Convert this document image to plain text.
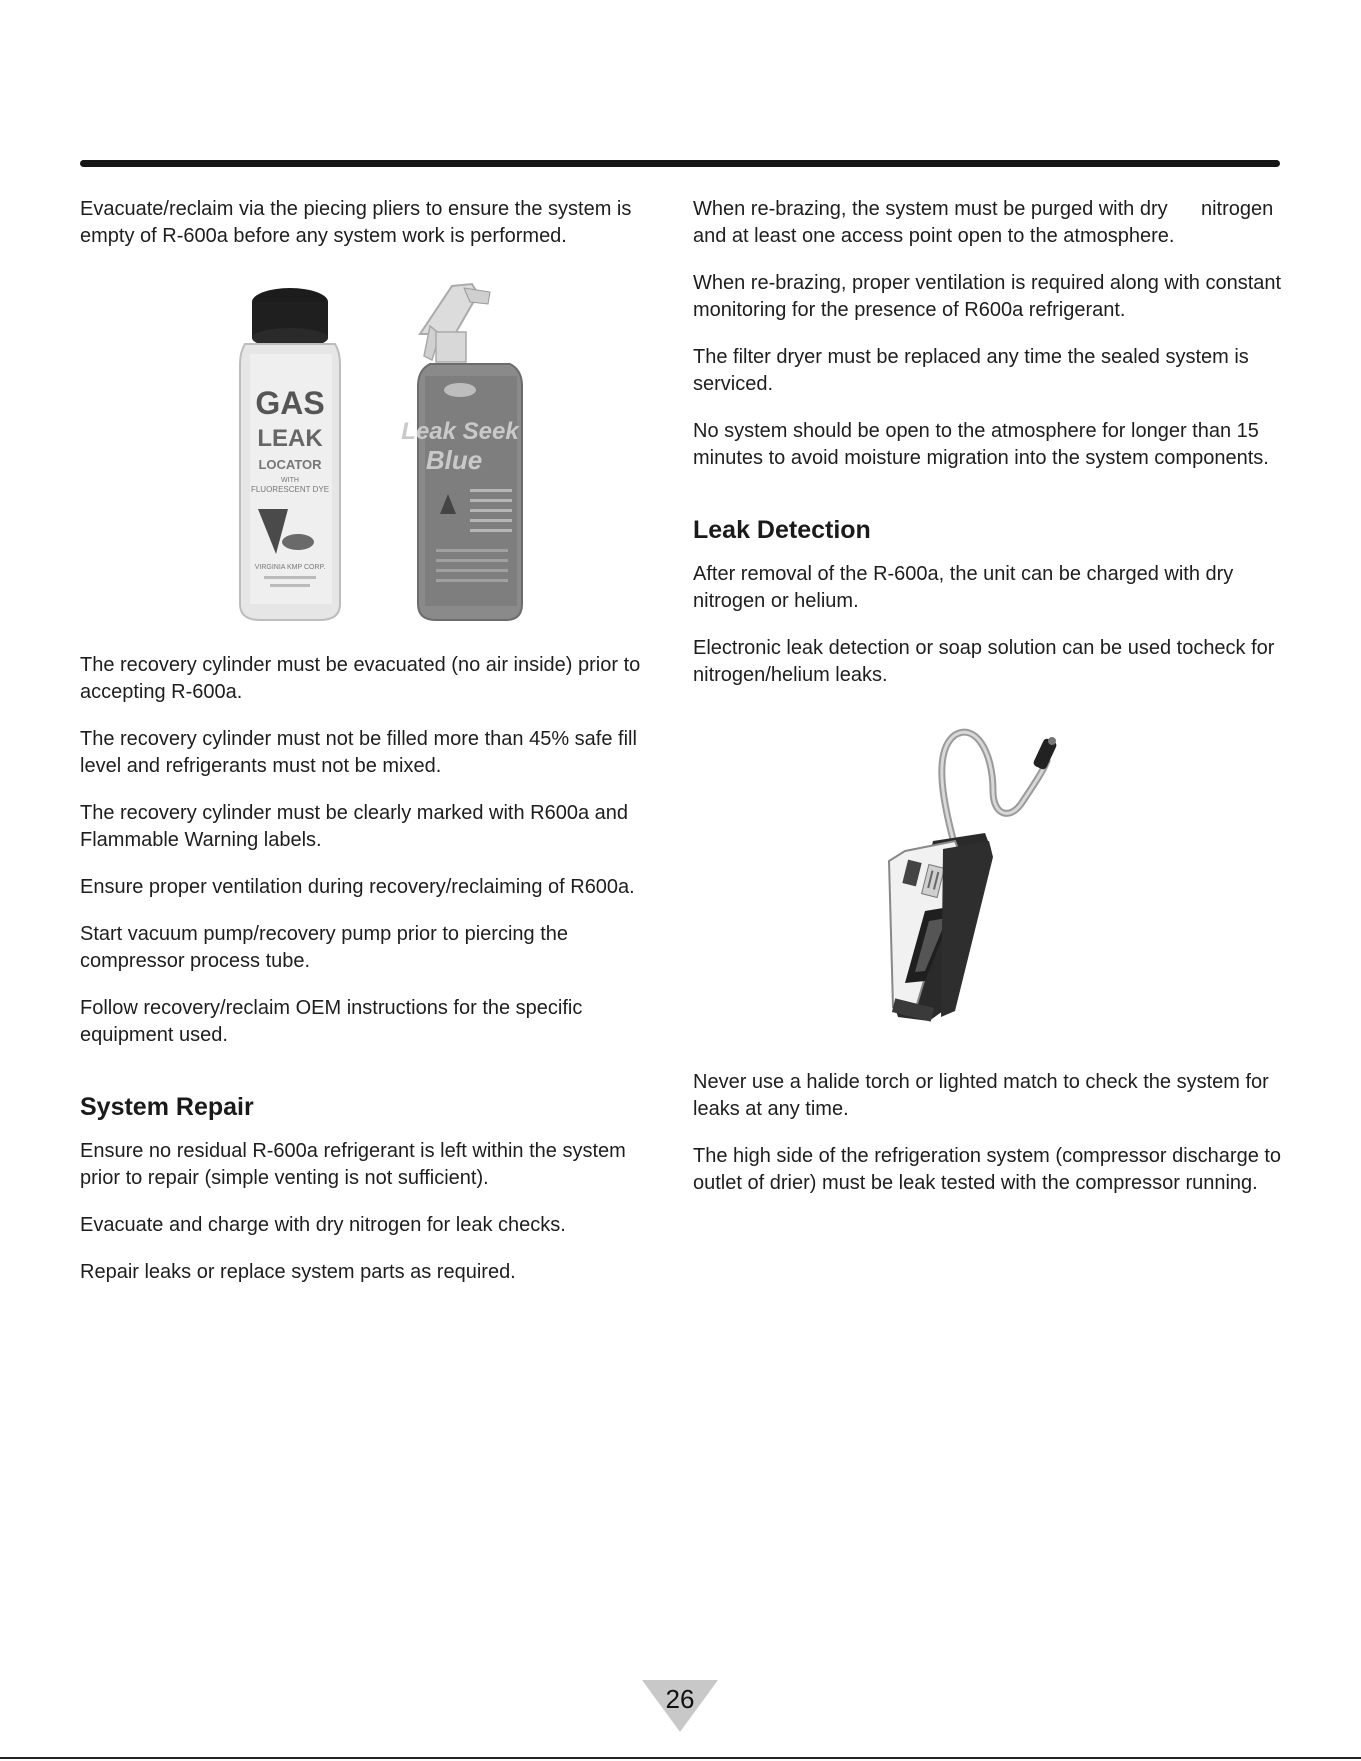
Evacuate/reclaim via the piecing pliers to ensure the system is empty of R-600a before any system work is performed.

GAS
LEAK
LOCATOR
WITH
FLUORESCENT DYE
VIRGINIA KMP CORP.
Leak Seek
Blue

The recovery cylinder must be evacuated (no air inside) prior to accepting R-600a.

The recovery cylinder must not be filled more than 45% safe fill level and refrigerants must not be mixed.

The recovery cylinder must be clearly marked with R600a and Flammable Warning labels.

Ensure proper ventilation during recovery/reclaiming of R600a.

Start vacuum pump/recovery pump prior to piercing the compressor process tube.

Follow recovery/reclaim OEM instructions for the specific equipment used.

System Repair

Ensure no residual R-600a refrigerant is left within the system prior to repair (simple venting is not sufficient).

Evacuate and charge with dry nitrogen for leak checks.

Repair leaks or replace system parts as required.

When re-brazing, the system must be purged with dry      nitrogen and at least one access point open to the atmosphere.

When re-brazing, proper ventilation is required along with constant monitoring for the presence of R600a refrigerant.

The filter dryer must be replaced any time the sealed system is serviced.

No system should be open to the atmosphere for longer than 15 minutes to avoid moisture migration into the system components.

Leak Detection

After removal of the R-600a, the unit can be charged with dry nitrogen or helium.

Electronic leak detection or soap solution can be used tocheck for nitrogen/helium leaks.

Never use a halide torch or lighted match to check the system for leaks at any time.

The high side of the refrigeration system (compressor discharge to outlet of drier) must be leak tested with the compressor running.

26
